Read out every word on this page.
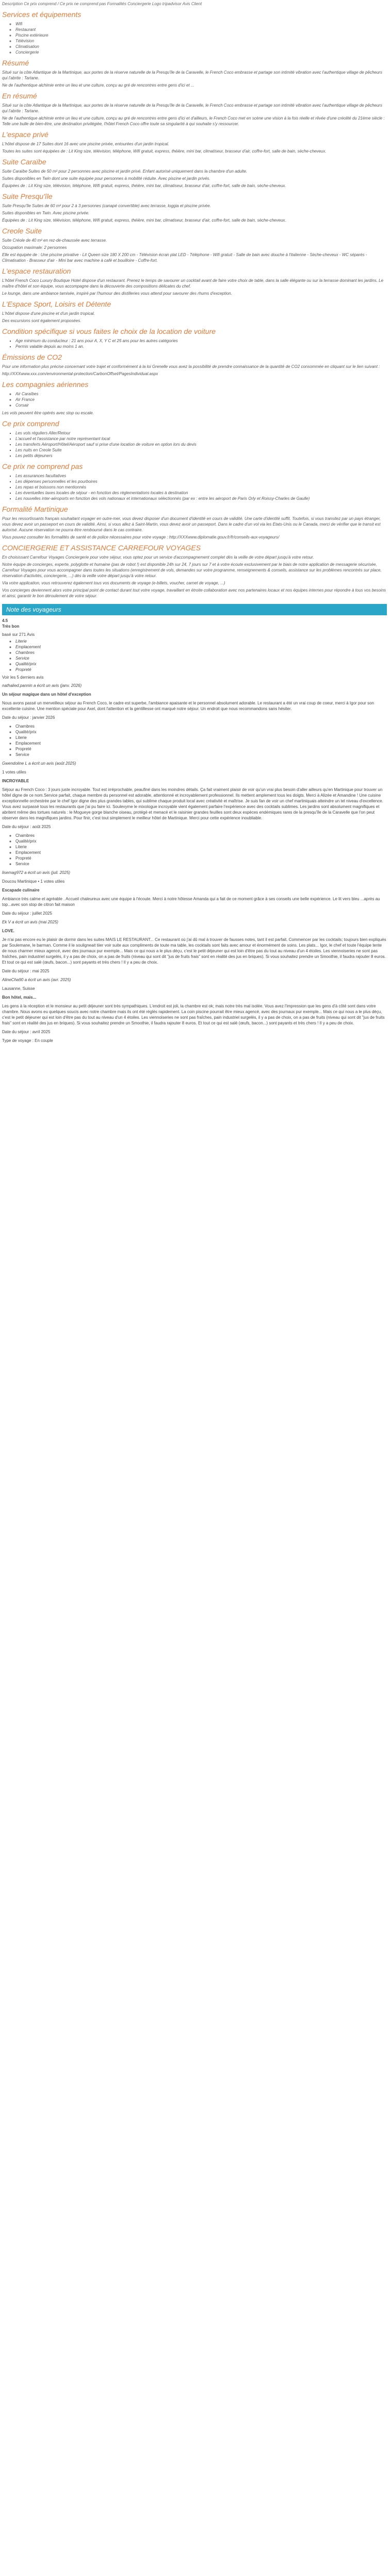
Description Ce prix comprend / Ce prix ne comprend pas Formalités Conciergerie Logo tripadvisor Avis Client

Services et équipements
◦ Wifi
◦ Restaurant
◦ Piscine extérieure
◦ Télévision
◦ Climatisation
◦ Conciergerie
Résumé

Situé sur la côte Atlantique de la Martinique, aux portes de la réserve naturelle de la Presqu'île de la Caravelle, le French Coco embrasse et partage son intimité vibration avec l'authentique village de pêcheurs qui l'abrite : Tartane.

Ne de l'authentique alchimie entre un lieu et une culture, conçu au gré de rencontres entre gens d'ici et ...

En résumé

Situé sur la côte Atlantique de la Martinique, aux portes de la réserve naturelle de la Presqu'île de la Caravelle, le French Coco embrasse et partage son intimité vibration avec l'authentique village de pêcheurs qui l'abrite : Tartane.

Ne de l'authentique alchimie entre un lieu et une culture, conçu au gré de rencontres entre gens d'ici et d'ailleurs, le French Coco met en scène une vision à la fois réelle et rêvée d'une créolité du 21ème siècle : Telle une bulle de bien-être, une destination privilégiée, l'hôtel French Coco offre toute sa singularité à qui souhaite s'y ressourcer.

L'espace privé

L'hôtel dispose de 17 Suites dont 16 avec une piscine privée, entourées d'un jardin tropical.

Toutes les suites sont équipées de : Lit King size, télévision, téléphone, Wifi gratuit, express, théière, mini bar, climatiseur, brasseur d'air, coffre-fort, salle de bain, sèche-cheveux.

Suite Caraïbe

Suite Caraïbe Suites de 50 m² pour 2 personnes avec piscine et jardin privé. Enfant autorisé uniquement dans la chambre d'un adulte.

Suites disponibles en Twin dont une suite équipée pour personnes à mobilité réduite. Avec piscine et jardin privés.

Équipées de : Lit King size, télévision, téléphone, Wifi gratuit, express, théière, mini bar, climatiseur, brasseur d'air, coffre-fort, salle de bain, sèche-cheveux.

Suite Presqu'île

Suite Presqu'île Suites de 60 m² pour 2 à 3 personnes (canapé convertible) avec terrasse, loggia et piscine privée.

Suites disponibles en Twin. Avec piscine privée.

Équipées de : Lit King size, télévision, téléphone, Wifi gratuit, express, théière, mini bar, climatiseur, brasseur d'air, coffre-fort, salle de bain, sèche-cheveux.

Creole Suite

Suite Créole de 40 m² en rez-de-chaussée avec terrasse.

Occupation maximale: 2 personnes

Elle est équipée de : Une piscine privative - Lit Queen size 180 X 200 cm - Télévision écran plat LED - Téléphone - Wifi gratuit - Salle de bain avec douche à l'italienne - Sèche-cheveux - WC séparés - Climatisation - Brasseur d'air - Mini bar avec machine à café et bouilloire - Coffre-fort.

L'espace restauration

L'hôtel French Coco Luxury Boutique Hotel dispose d'un restaurant. Prenez le temps de savourer un cocktail avant de faire votre choix de table, dans la salle élégante ou sur la terrasse dominant les jardins. Le maître d'hôtel et son équipe, vous accompagne dans la découverte des compositions délicates du chef.

Le lounge, dans une ambiance tamisée, inspiré par l'humour des distilleries vous attend pour savourer des rhums d'exception.

L'Espace Sport, Loisirs et Détente

L'hôtel dispose d'une piscine et d'un jardin tropical.

Des excursions sont également proposées.

Condition spécifique si vous faites le choix de la location de voiture
▪ Age minimum du conducteur : 21 ans pour A, X, Y C et 25 ans pour les autres catégories
▪ Permis valable depuis au moins 1 an.
Émissions de CO2

Pour une information plus précise concernant votre trajet et conformément à la loi Grenelle vous avez la possibilité de prendre connaissance de la quantité de CO2 consommée en cliquant sur le lien suivant :

http://XXXwww.xxx.com/environmental-protection/CarbonOffset/PagesIndividual.aspx

Les compagnies aériennes
◦ Air Caraïbes
◦ Air France
◦ Corsair

Les vols peuvent être opérés avec stop ou escale.

Ce prix comprend
▪ Les vols réguliers Aller/Retour
▪ L'accueil et l'assistance par notre représentant local
▪ Les transferts Aéroport/Hôtel/Aéroport sauf si prise d'une location de voiture en option lors du devis
▪ Les nuits en Creole Suite
▪ Les petits déjeuners
Ce prix ne comprend pas
▪ Les assurances facultatives
▪ Les dépenses personnelles et les pourboires
▪ Les repas et boissons non mentionnés
▪ Les éventuelles taxes locales de séjour - en fonction des réglementations locales à destination
▪ Les nouvelles inter-aéroports en fonction des vols nationaux et internationaux sélectionnés (par ex : entre les aéroport de Paris Orly et Roissy-Charles de Gaulle)
Formalité Martinique

Pour les ressortissants français souhaitant voyager en outre-mer, vous devez disposer d'un document d'identité en cours de validité. Une carte d'identité suffit. Toutefois, si vous transitez par un pays étranger, vous devez avoir un passeport en cours de validité. Ainsi, si vous allez à Saint-Martin, vous devez avoir un passeport. Dans le cadre d'un vol via les Etats-Unis ou le Canada, merci de vérifier que le transit est autorisé. Aucune réservation ne pourra être remboursé dans le cas contraire.

Vous pouvez consulter les formalités de santé et de police nécessaires pour votre voyage : http://XXXwww.diplomatie.gouv.fr/fr/conseils-aux-voyageurs/

CONCIERGERIE ET ASSISTANCE CARREFOUR VOYAGES

En choisissant Carrefour Voyages Conciergerie pour votre séjour, vous optez pour un service d'accompagnement complet dès la veille de votre départ jusqu'à votre retour.

Notre équipe de concierges, experte, polyglotte et humaine (pas de robot !) est disponible 24h sur 24, 7 jours sur 7 et à votre écoute exclusivement par le biais de notre application de messagerie sécurisée, Carrefour Voyages pour vous accompagner dans toutes les situations (enregistrement de vols, demandes sur votre programme, renseignements & conseils, assistance sur les problèmes rencontrés sur place, réservation d'activités, conciergerie, ...) dès la veille votre départ jusqu'à votre retour.

Via votre application, vous retrouverez également tous vos documents de voyage (e-billets, voucher, carnet de voyage, ...)

Vos concierges deviennent alors votre principal point de contact durant tout votre voyage, travaillant en étroite collaboration avec nos partenaires locaux et nos équipes internes pour répondre à tous vos besoins et ainsi, garantir le bon déroulement de votre séjour.

Note des voyageurs
4.5
Très bon
basé sur 271 Avis
◦ Literie
◦ Emplacement
◦ Chambres
◦ Service
◦ Qualité/prix
◦ Propreté
Voir les 5 derniers avis
nathalied.pannin a écrit un avis (janv. 2026)
Un séjour magique dans un hôtel d'exception
Nous avons passé un merveilleux séjour au French Coco, le cadre est superbe, l'ambiance apaisante et le personnel absolument adorable. Le restaurant a été un vrai coup de coeur, merci à Igor pour son excellente cuisine. Une mention spéciale pour Axel, dont l'attention et la gentillesse ont marqué notre séjour. Un endroit que nous recommandons sans hésiter.
Date du séjour : janvier 2026
◦ Chambres
◦ Qualité/prix
◦ Literie
◦ Emplacement
◦ Propreté
◦ Service
Gwendoline L a écrit un avis (août 2025)
1 votes utiles
INCROYABLE
Séjour au French Coco : 3 jours juste incroyable. Tout est irréprochable, peaufiné dans les moindres détails. Ça fait vraiment plaisir de voir qu'un vrai plus besoin d'aller ailleurs qu'en Martinique pour trouver un hôtel digne de ce nom.Service parfait, chaque membre du personnel est adorable, attentionné et incroyablement professionnel. Ils mettent amplement tous les doigts. Merci à Alizée et Amandine ! Une cuisine exceptionnelle orchestrée par le chef Igor digne des plus grandes tables, qui sublime chaque produit local avec créativité et maîtrise. Je suis fan de voir un chef martiniquais atteindre un tel niveau d'excellence. Vous avez surpassé tous les restaurants que j'ai pu faire ici. Soulevyme le mixologue incroyable vient également parfaire l'expérience avec des cocktails sublimes. Les jardins sont absolument magnifiques et abritent même des tortues naturels : le Mogueye gorge blanche oiseau, protégé et menacé et le raisinier grandes feuilles sont deux espèces endémiques rares de la presqu'île de la Caravelle que l'on peut observer dans les magnifiques jardins. Pour finir, c'est tout simplement le meilleur hôtel de Martinique. Merci pour cette expérience inoubliable.
Date du séjour : août 2025
◦ Chambres
◦ Qualité/prix
◦ Literie
◦ Emplacement
◦ Propreté
◦ Service
lisemag972 a écrit un avis (juil. 2025)
Doucou Martinique • 1 votes utiles
Escapade culinaire
Ambiance très calme et agréable . Accueil chaleureux avec une équipe à l'écoute. Merci à notre hôtesse Amanda qui a fait de ce moment grâce à ses conseils une belle expérience. Le lit vers bleu ...après au top...avec son stop de citron fait maison
Date du séjour : juillet 2025
Ek V a écrit un avis (mai 2025)
LOVE.
Je n'ai pas encore eu le plaisir de dormir dans les suites MAIS LE RESTAURANT... Ce restaurant où j'ai dû mal à trouver de fausses notes, tant il est parfait. Commencer par les cocktails; toujours bien expliqués par Soulemane, le barman. Comme il le souligneait tiier voir suite aux compliments de toute ma table, les cocktails sont faits avec amour et énormément de soins. Les plats... Igor, le chef et toute l'équipe tente de nous charmer mieux agencé, avec des journaux pur exemple... Mais ce qui nous a le plus déçu, c'est le petit déjeuner qui est loin d'être pas du tout au niveau d'un 4 étoiles. Les viennoiseries ne sont pas fraîches, pain industriel surgelés, il y a pas de choix, on a pas de fruits (niveau qui sont dit "jus de fruits frais" sont en réalité des jus en briques). Si vous souhaitez prendre un Smoothie, il faudra rajouter 8 euros. Et tout ce qui est salé (œufs, bacon...) sont payants et très chers ! Il y a peu de choix.
Date du séjour : mai 2025
AlineCha90 a écrit un avis (avr. 2025)
Lausanne, Suisse
Bon hôtel, mais...
Les gens à la réception et le monsieur au petit déjeuner sont très sympathiques. L'endroit est joli, la chambre est ok; mais notre très mal isolée. Vous avez l'impression que les gens d'à côté sont dans votre chambre. Nous avons eu quelques soucis avec notre chambre mais ils ont été réglés rapidement. La coin piscine pourrait être mieux agencé, avec des journaux pur exemple... Mais ce qui nous a le plus déçu, c'est le petit déjeuner qui est loin d'être pas du tout au niveau d'un 4 étoiles. Les viennoiseries ne sont pas fraîches, pain industriel surgelés, il y a pas de choix, on a pas de fruits (niveau qui sont dit "jus de fruits frais" sont en réalité des jus en briques). Si vous souhaitez prendre un Smoothie, il faudra rajouter 8 euros. Et tout ce qui est salé (œufs, bacon...) sont payants et très chers ! Il y a peu de choix.
Date du séjour : avril 2025
Type de voyage : En couple
